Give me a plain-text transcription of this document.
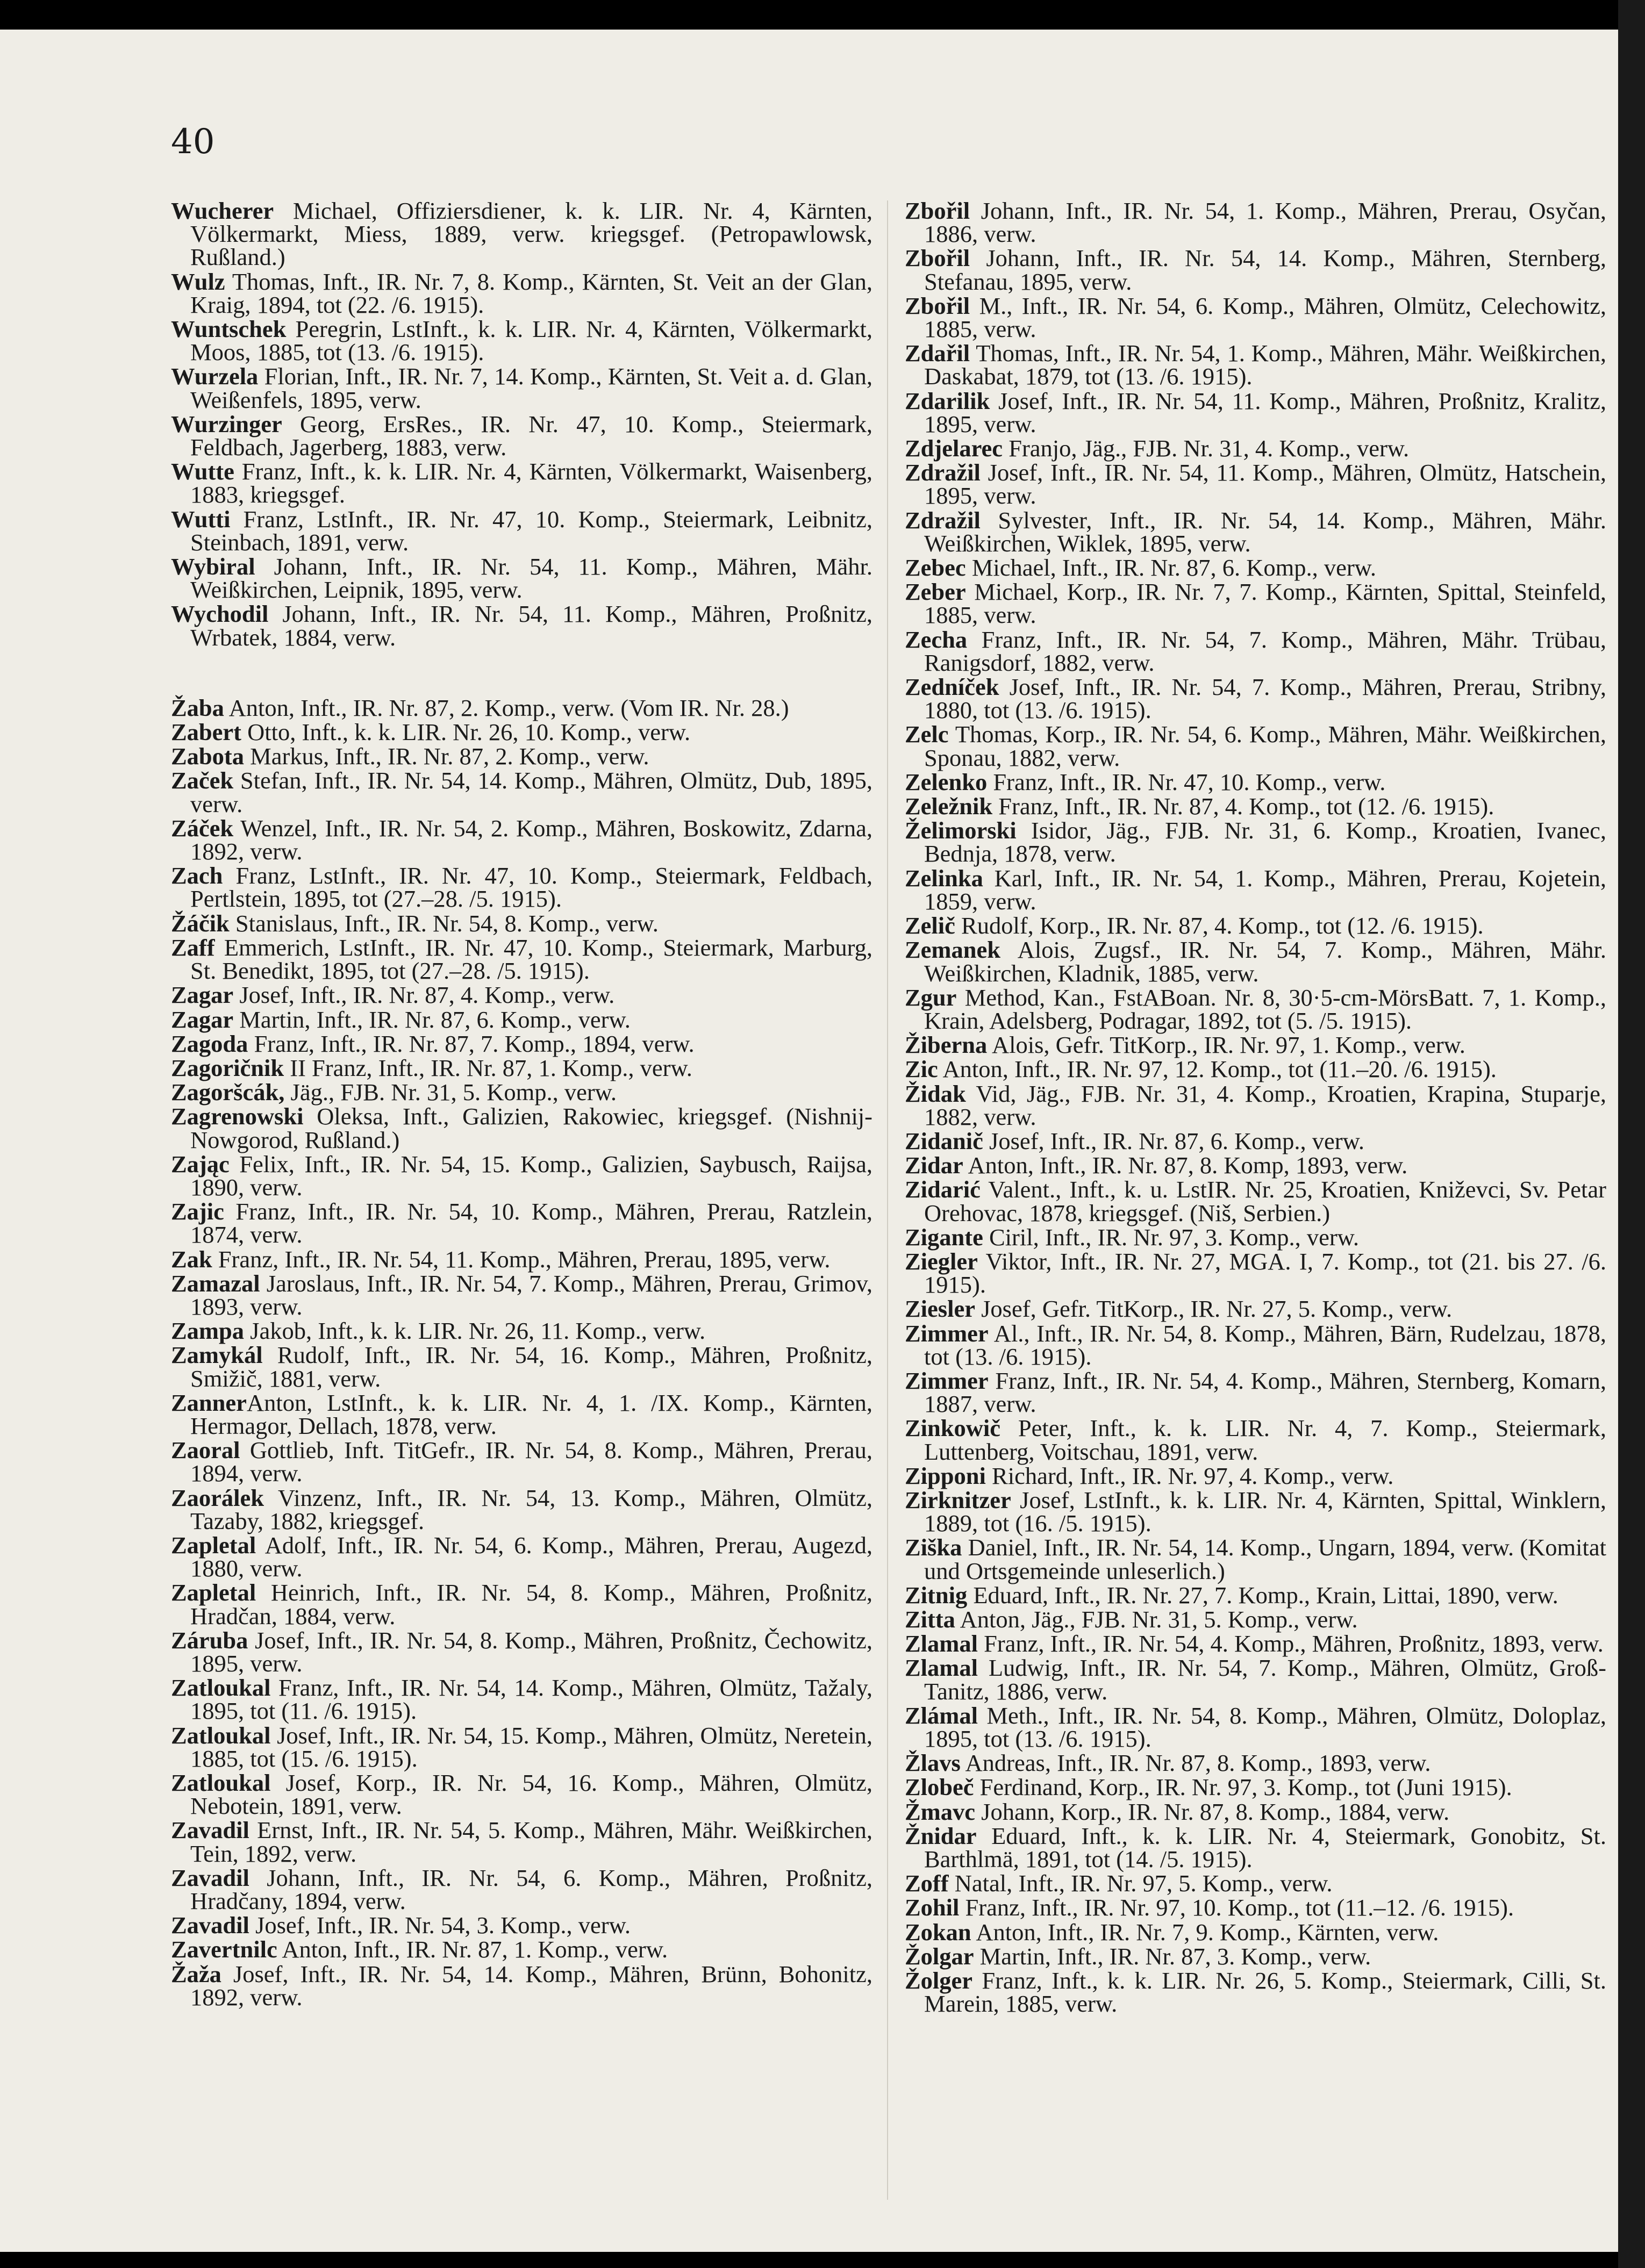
40

Wucherer Michael, Offiziersdiener, k. k. LIR. Nr. 4, Kärnten, Völkermarkt, Miess, 1889, verw. kriegsgef. (Petropawlowsk, Rußland.)

Wulz Thomas, Inft., IR. Nr. 7, 8. Komp., Kärnten, St. Veit an der Glan, Kraig, 1894, tot (22. /6. 1915).

Wuntschek Peregrin, LstInft., k. k. LIR. Nr. 4, Kärnten, Völkermarkt, Moos, 1885, tot (13. /6. 1915).

Wurzela Florian, Inft., IR. Nr. 7, 14. Komp., Kärnten, St. Veit a. d. Glan, Weißenfels, 1895, verw.

Wurzinger Georg, ErsRes., IR. Nr. 47, 10. Komp., Steiermark, Feldbach, Jagerberg, 1883, verw.

Wutte Franz, Inft., k. k. LIR. Nr. 4, Kärnten, Völkermarkt, Waisenberg, 1883, kriegsgef.

Wutti Franz, LstInft., IR. Nr. 47, 10. Komp., Steiermark, Leibnitz, Steinbach, 1891, verw.

Wybiral Johann, Inft., IR. Nr. 54, 11. Komp., Mähren, Mähr. Weißkirchen, Leipnik, 1895, verw.

Wychodil Johann, Inft., IR. Nr. 54, 11. Komp., Mähren, Proßnitz, Wrbatek, 1884, verw.

Žaba Anton, Inft., IR. Nr. 87, 2. Komp., verw. (Vom IR. Nr. 28.)

Zabert Otto, Inft., k. k. LIR. Nr. 26, 10. Komp., verw.

Zabota Markus, Inft., IR. Nr. 87, 2. Komp., verw.

Začek Stefan, Inft., IR. Nr. 54, 14. Komp., Mähren, Olmütz, Dub, 1895, verw.

Záček Wenzel, Inft., IR. Nr. 54, 2. Komp., Mähren, Boskowitz, Zdarna, 1892, verw.

Zach Franz, LstInft., IR. Nr. 47, 10. Komp., Steiermark, Feldbach, Pertlstein, 1895, tot (27.–28. /5. 1915).

Žáčik Stanislaus, Inft., IR. Nr. 54, 8. Komp., verw.

Zaff Emmerich, LstInft., IR. Nr. 47, 10. Komp., Steiermark, Marburg, St. Benedikt, 1895, tot (27.–28. /5. 1915).

Zagar Josef, Inft., IR. Nr. 87, 4. Komp., verw.

Zagar Martin, Inft., IR. Nr. 87, 6. Komp., verw.

Zagoda Franz, Inft., IR. Nr. 87, 7. Komp., 1894, verw.

Zagoričnik II Franz, Inft., IR. Nr. 87, 1. Komp., verw.

Zagoršcák, Jäg., FJB. Nr. 31, 5. Komp., verw.

Zagrenowski Oleksa, Inft., Galizien, Rakowiec, kriegsgef. (Nishnij-Nowgorod, Rußland.)

Zając Felix, Inft., IR. Nr. 54, 15. Komp., Galizien, Saybusch, Raijsa, 1890, verw.

Zajic Franz, Inft., IR. Nr. 54, 10. Komp., Mähren, Prerau, Ratzlein, 1874, verw.

Zak Franz, Inft., IR. Nr. 54, 11. Komp., Mähren, Prerau, 1895, verw.

Zamazal Jaroslaus, Inft., IR. Nr. 54, 7. Komp., Mähren, Prerau, Grimov, 1893, verw.

Zampa Jakob, Inft., k. k. LIR. Nr. 26, 11. Komp., verw.

Zamykál Rudolf, Inft., IR. Nr. 54, 16. Komp., Mähren, Proßnitz, Smižič, 1881, verw.

ZannerAnton, LstInft., k. k. LIR. Nr. 4, 1. /IX. Komp., Kärnten, Hermagor, Dellach, 1878, verw.

Zaoral Gottlieb, Inft. TitGefr., IR. Nr. 54, 8. Komp., Mähren, Prerau, 1894, verw.

Zaorálek Vinzenz, Inft., IR. Nr. 54, 13. Komp., Mähren, Olmütz, Tazaby, 1882, kriegsgef.

Zapletal Adolf, Inft., IR. Nr. 54, 6. Komp., Mähren, Prerau, Augezd, 1880, verw.

Zapletal Heinrich, Inft., IR. Nr. 54, 8. Komp., Mähren, Proßnitz, Hradčan, 1884, verw.

Záruba Josef, Inft., IR. Nr. 54, 8. Komp., Mähren, Proßnitz, Čechowitz, 1895, verw.

Zatloukal Franz, Inft., IR. Nr. 54, 14. Komp., Mähren, Olmütz, Tažaly, 1895, tot (11. /6. 1915).

Zatloukal Josef, Inft., IR. Nr. 54, 15. Komp., Mähren, Olmütz, Neretein, 1885, tot (15. /6. 1915).

Zatloukal Josef, Korp., IR. Nr. 54, 16. Komp., Mähren, Olmütz, Nebotein, 1891, verw.

Zavadil Ernst, Inft., IR. Nr. 54, 5. Komp., Mähren, Mähr. Weißkirchen, Tein, 1892, verw.

Zavadil Johann, Inft., IR. Nr. 54, 6. Komp., Mähren, Proßnitz, Hradčany, 1894, verw.

Zavadil Josef, Inft., IR. Nr. 54, 3. Komp., verw.

Zavertnilc Anton, Inft., IR. Nr. 87, 1. Komp., verw.

Žaža Josef, Inft., IR. Nr. 54, 14. Komp., Mähren, Brünn, Bohonitz, 1892, verw.

Zbořil Johann, Inft., IR. Nr. 54, 1. Komp., Mähren, Prerau, Osyčan, 1886, verw.

Zbořil Johann, Inft., IR. Nr. 54, 14. Komp., Mähren, Sternberg, Stefanau, 1895, verw.

Zbořil M., Inft., IR. Nr. 54, 6. Komp., Mähren, Olmütz, Celechowitz, 1885, verw.

Zdařil Thomas, Inft., IR. Nr. 54, 1. Komp., Mähren, Mähr. Weißkirchen, Daskabat, 1879, tot (13. /6. 1915).

Zdarilik Josef, Inft., IR. Nr. 54, 11. Komp., Mähren, Proßnitz, Kralitz, 1895, verw.

Zdjelarec Franjo, Jäg., FJB. Nr. 31, 4. Komp., verw.

Zdražil Josef, Inft., IR. Nr. 54, 11. Komp., Mähren, Olmütz, Hatschein, 1895, verw.

Zdražil Sylvester, Inft., IR. Nr. 54, 14. Komp., Mähren, Mähr. Weißkirchen, Wiklek, 1895, verw.

Zebec Michael, Inft., IR. Nr. 87, 6. Komp., verw.

Zeber Michael, Korp., IR. Nr. 7, 7. Komp., Kärnten, Spittal, Steinfeld, 1885, verw.

Zecha Franz, Inft., IR. Nr. 54, 7. Komp., Mähren, Mähr. Trübau, Ranigsdorf, 1882, verw.

Zedníček Josef, Inft., IR. Nr. 54, 7. Komp., Mähren, Prerau, Stribny, 1880, tot (13. /6. 1915).

Zelc Thomas, Korp., IR. Nr. 54, 6. Komp., Mähren, Mähr. Weißkirchen, Sponau, 1882, verw.

Zelenko Franz, Inft., IR. Nr. 47, 10. Komp., verw.

Zeležnik Franz, Inft., IR. Nr. 87, 4. Komp., tot (12. /6. 1915).

Želimorski Isidor, Jäg., FJB. Nr. 31, 6. Komp., Kroatien, Ivanec, Bednja, 1878, verw.

Zelinka Karl, Inft., IR. Nr. 54, 1. Komp., Mähren, Prerau, Kojetein, 1859, verw.

Zelič Rudolf, Korp., IR. Nr. 87, 4. Komp., tot (12. /6. 1915).

Zemanek Alois, Zugsf., IR. Nr. 54, 7. Komp., Mähren, Mähr. Weißkirchen, Kladnik, 1885, verw.

Zgur Method, Kan., FstABoan. Nr. 8, 30·5-cm-MörsBatt. 7, 1. Komp., Krain, Adelsberg, Podragar, 1892, tot (5. /5. 1915).

Žiberna Alois, Gefr. TitKorp., IR. Nr. 97, 1. Komp., verw.

Zic Anton, Inft., IR. Nr. 97, 12. Komp., tot (11.–20. /6. 1915).

Židak Vid, Jäg., FJB. Nr. 31, 4. Komp., Kroatien, Krapina, Stuparje, 1882, verw.

Zidanič Josef, Inft., IR. Nr. 87, 6. Komp., verw.

Zidar Anton, Inft., IR. Nr. 87, 8. Komp, 1893, verw.

Zidarić Valent., Inft., k. u. LstIR. Nr. 25, Kroatien, Kniževci, Sv. Petar Orehovac, 1878, kriegsgef. (Niš, Serbien.)

Zigante Ciril, Inft., IR. Nr. 97, 3. Komp., verw.

Ziegler Viktor, Inft., IR. Nr. 27, MGA. I, 7. Komp., tot (21. bis 27. /6. 1915).

Ziesler Josef, Gefr. TitKorp., IR. Nr. 27, 5. Komp., verw.

Zimmer Al., Inft., IR. Nr. 54, 8. Komp., Mähren, Bärn, Rudelzau, 1878, tot (13. /6. 1915).

Zimmer Franz, Inft., IR. Nr. 54, 4. Komp., Mähren, Sternberg, Komarn, 1887, verw.

Zinkowič Peter, Inft., k. k. LIR. Nr. 4, 7. Komp., Steiermark, Luttenberg, Voitschau, 1891, verw.

Zipponi Richard, Inft., IR. Nr. 97, 4. Komp., verw.

Zirknitzer Josef, LstInft., k. k. LIR. Nr. 4, Kärnten, Spittal, Winklern, 1889, tot (16. /5. 1915).

Ziška Daniel, Inft., IR. Nr. 54, 14. Komp., Ungarn, 1894, verw. (Komitat und Ortsgemeinde unleserlich.)

Zitnig Eduard, Inft., IR. Nr. 27, 7. Komp., Krain, Littai, 1890, verw.

Zitta Anton, Jäg., FJB. Nr. 31, 5. Komp., verw.

Zlamal Franz, Inft., IR. Nr. 54, 4. Komp., Mähren, Proßnitz, 1893, verw.

Zlamal Ludwig, Inft., IR. Nr. 54, 7. Komp., Mähren, Olmütz, Groß-Tanitz, 1886, verw.

Zlámal Meth., Inft., IR. Nr. 54, 8. Komp., Mähren, Olmütz, Doloplaz, 1895, tot (13. /6. 1915).

Žlavs Andreas, Inft., IR. Nr. 87, 8. Komp., 1893, verw.

Zlobeč Ferdinand, Korp., IR. Nr. 97, 3. Komp., tot (Juni 1915).

Žmavc Johann, Korp., IR. Nr. 87, 8. Komp., 1884, verw.

Žnidar Eduard, Inft., k. k. LIR. Nr. 4, Steiermark, Gonobitz, St. Barthlmä, 1891, tot (14. /5. 1915).

Zoff Natal, Inft., IR. Nr. 97, 5. Komp., verw.

Zohil Franz, Inft., IR. Nr. 97, 10. Komp., tot (11.–12. /6. 1915).

Zokan Anton, Inft., IR. Nr. 7, 9. Komp., Kärnten, verw.

Žolgar Martin, Inft., IR. Nr. 87, 3. Komp., verw.

Žolger Franz, Inft., k. k. LIR. Nr. 26, 5. Komp., Steiermark, Cilli, St. Marein, 1885, verw.
